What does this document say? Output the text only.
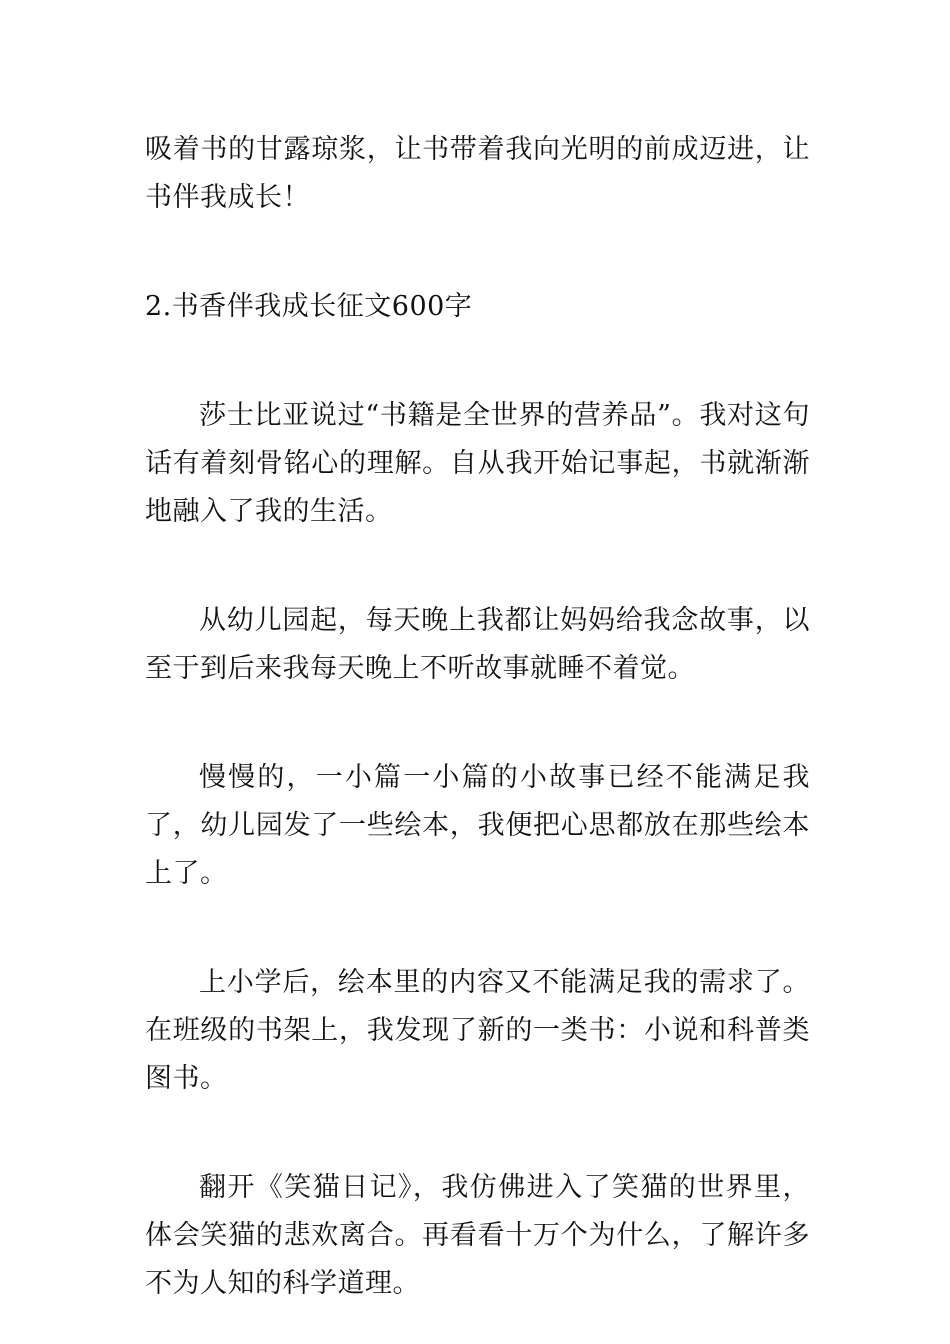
吸着书的甘露琼浆，让书带着我向光明的前成迈进，让书伴我成长！

2.书香伴我成长征文600字

莎士比亚说过“书籍是全世界的营养品”。我对这句话有着刻骨铭心的理解。自从我开始记事起，书就渐渐地融入了我的生活。

从幼儿园起，每天晚上我都让妈妈给我念故事，以至于到后来我每天晚上不听故事就睡不着觉。

慢慢的，一小篇一小篇的小故事已经不能满足我了，幼儿园发了一些绘本，我便把心思都放在那些绘本上了。

上小学后，绘本里的内容又不能满足我的需求了。在班级的书架上，我发现了新的一类书：小说和科普类图书。

翻开《笑猫日记》，我仿佛进入了笑猫的世界里，体会笑猫的悲欢离合。再看看十万个为什么，了解许多不为人知的科学道理。
